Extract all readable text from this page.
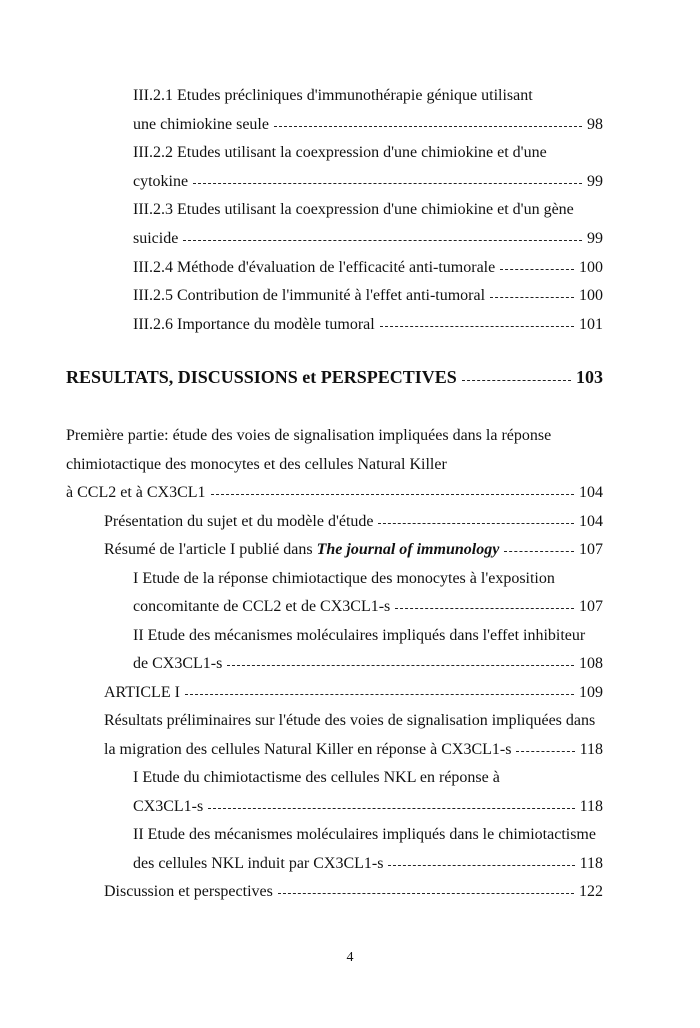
III.2.1 Etudes précliniques d'immunothérapie génique utilisant
une chimiokine seule	98
III.2.2 Etudes utilisant la coexpression d'une chimiokine et d'une
cytokine	99
III.2.3 Etudes utilisant la coexpression d'une chimiokine et d'un gène
suicide	99
III.2.4 Méthode d'évaluation de l'efficacité anti-tumorale	100
III.2.5 Contribution de l'immunité à l'effet anti-tumoral	100
III.2.6 Importance du modèle tumoral	101
RESULTATS, DISCUSSIONS et PERSPECTIVES	103
Première partie: étude des voies de signalisation impliquées dans la réponse
chimiotactique des monocytes et des cellules Natural Killer
à CCL2 et à CX3CL1	104
Présentation du sujet et du modèle d'étude	104
Résumé de l'article I publié dans The journal of immunology	107
I Etude de la réponse chimiotactique des monocytes à l'exposition
concomitante de CCL2 et de CX3CL1-s	107
II Etude des mécanismes moléculaires impliqués dans l'effet inhibiteur
de CX3CL1-s	108
ARTICLE I	109
Résultats préliminaires sur l'étude des voies de signalisation impliquées dans
la migration des cellules Natural Killer en réponse à CX3CL1-s	118
I Etude du chimiotactisme des cellules NKL en réponse à
CX3CL1-s	118
II Etude des mécanismes moléculaires impliqués dans le chimiotactisme
des cellules NKL induit par CX3CL1-s	118
Discussion et perspectives	122
4
